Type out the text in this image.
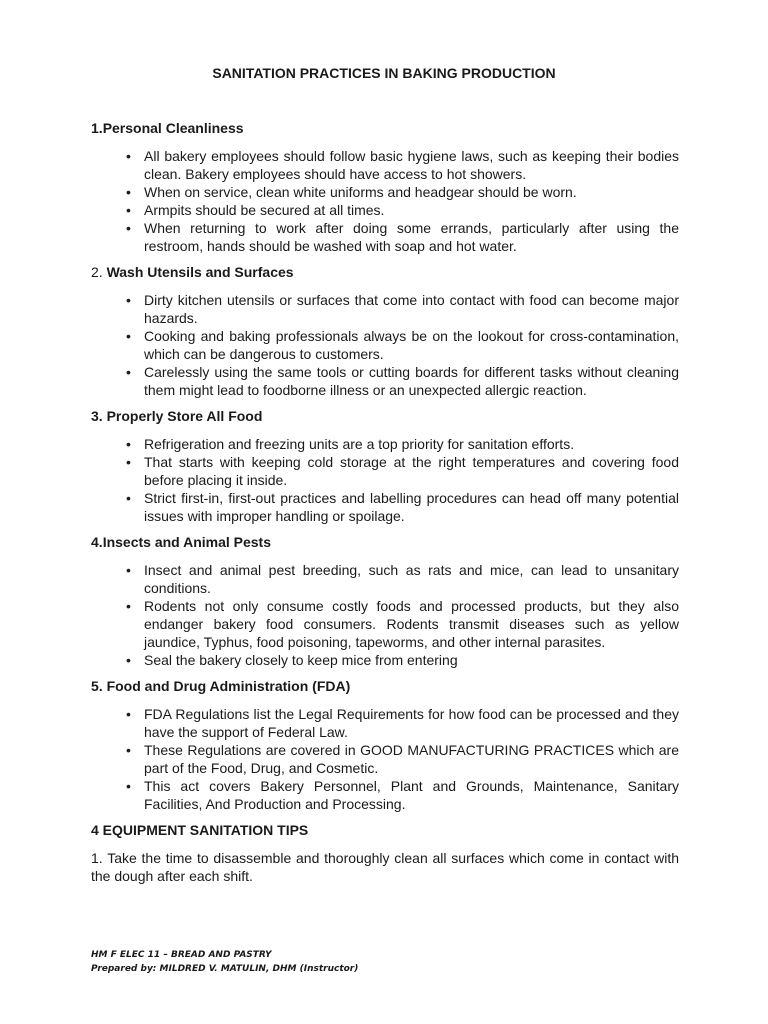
SANITATION PRACTICES IN BAKING PRODUCTION
1.Personal Cleanliness
• All bakery employees should follow basic hygiene laws, such as keeping their bodies clean. Bakery employees should have access to hot showers.
• When on service, clean white uniforms and headgear should be worn.
• Armpits should be secured at all times.
• When returning to work after doing some errands, particularly after using the restroom, hands should be washed with soap and hot water.
2. Wash Utensils and Surfaces
• Dirty kitchen utensils or surfaces that come into contact with food can become major hazards.
• Cooking and baking professionals always be on the lookout for cross-contamination, which can be dangerous to customers.
• Carelessly using the same tools or cutting boards for different tasks without cleaning them might lead to foodborne illness or an unexpected allergic reaction.
3. Properly Store All Food
• Refrigeration and freezing units are a top priority for sanitation efforts.
• That starts with keeping cold storage at the right temperatures and covering food before placing it inside.
• Strict first-in, first-out practices and labelling procedures can head off many potential issues with improper handling or spoilage.
4.Insects and Animal Pests
• Insect and animal pest breeding, such as rats and mice, can lead to unsanitary conditions.
• Rodents not only consume costly foods and processed products, but they also endanger bakery food consumers. Rodents transmit diseases such as yellow jaundice, Typhus, food poisoning, tapeworms, and other internal parasites.
• Seal the bakery closely to keep mice from entering
5. Food and Drug Administration (FDA)
• FDA Regulations list the Legal Requirements for how food can be processed and they have the support of Federal Law.
• These Regulations are covered in GOOD MANUFACTURING PRACTICES which are part of the Food, Drug, and Cosmetic.
• This act covers Bakery Personnel, Plant and Grounds, Maintenance, Sanitary Facilities, And Production and Processing.
4 EQUIPMENT SANITATION TIPS

1. Take the time to disassemble and thoroughly clean all surfaces which come in contact with the dough after each shift.

HM F ELEC 11 – BREAD AND PASTRY
Prepared by: MILDRED V. MATULIN, DHM (Instructor)
